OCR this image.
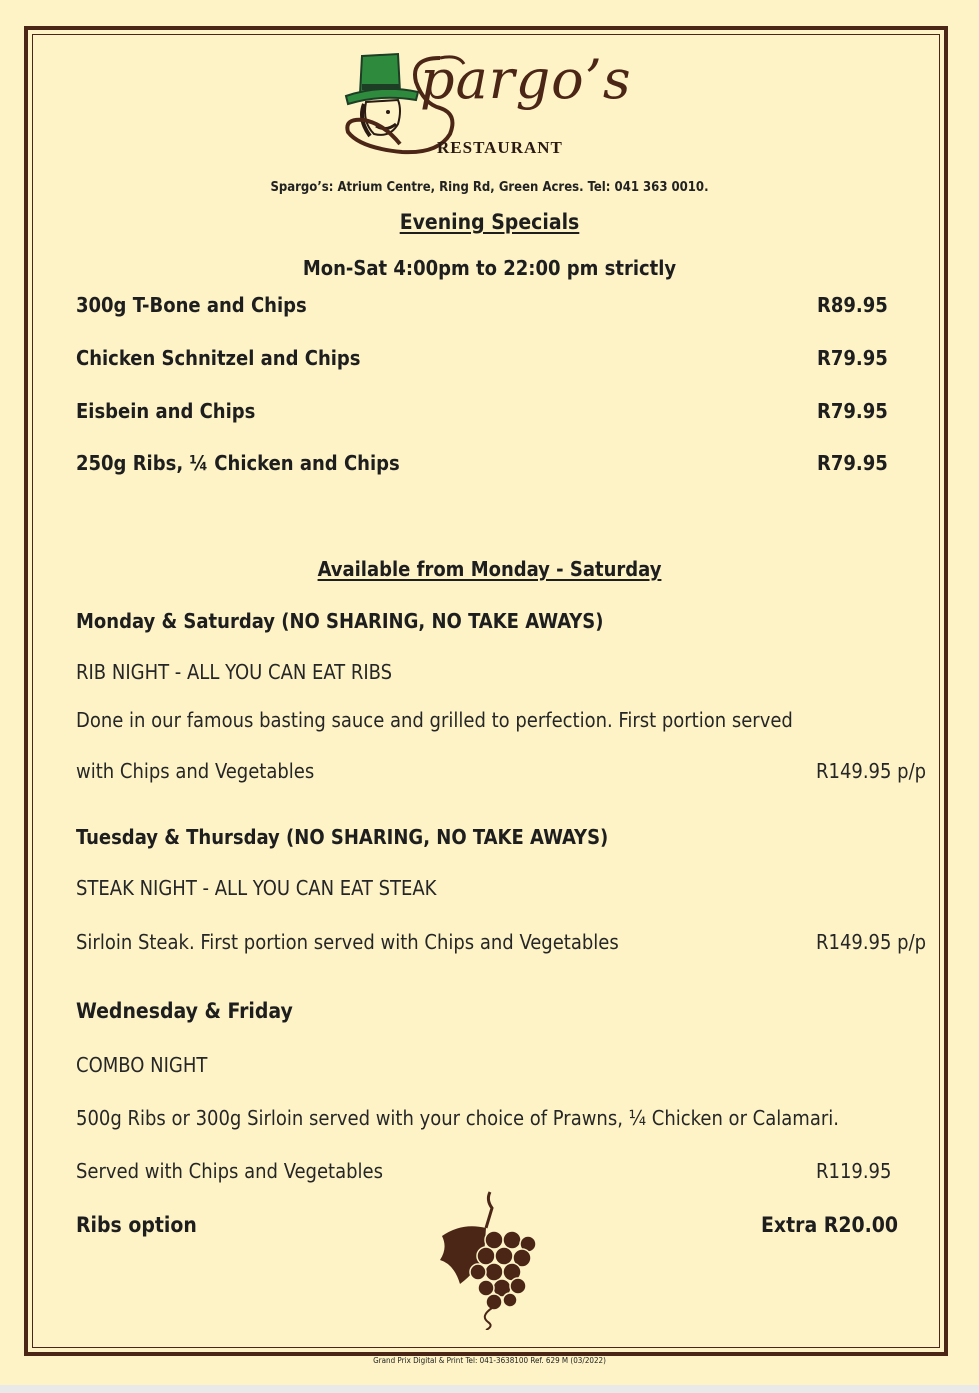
pargo’s
RESTAURANT
Spargo’s: Atrium Centre, Ring Rd, Green Acres. Tel: 041 363 0010.
Evening Specials
Mon-Sat 4:00pm to 22:00 pm strictly
300g T-Bone and Chips	R89.95
Chicken Schnitzel and Chips	R79.95
Eisbein and Chips	R79.95
250g Ribs, ¼ Chicken and Chips	R79.95
Available from Monday - Saturday
Monday & Saturday (NO SHARING, NO TAKE AWAYS)
RIB NIGHT - ALL YOU CAN EAT RIBS
Done in our famous basting sauce and grilled to perfection. First portion served
with Chips and Vegetables	R149.95 p/p
Tuesday & Thursday (NO SHARING, NO TAKE AWAYS)
STEAK NIGHT - ALL YOU CAN EAT STEAK
Sirloin Steak. First portion served with Chips and Vegetables	R149.95 p/p
Wednesday & Friday
COMBO NIGHT
500g Ribs or 300g Sirloin served with your choice of Prawns, ¼ Chicken or Calamari.
Served with Chips and Vegetables	R119.95
Ribs option	Extra R20.00
Grand Prix Digital & Print Tel: 041-3638100 Ref. 629 M (03/2022)
